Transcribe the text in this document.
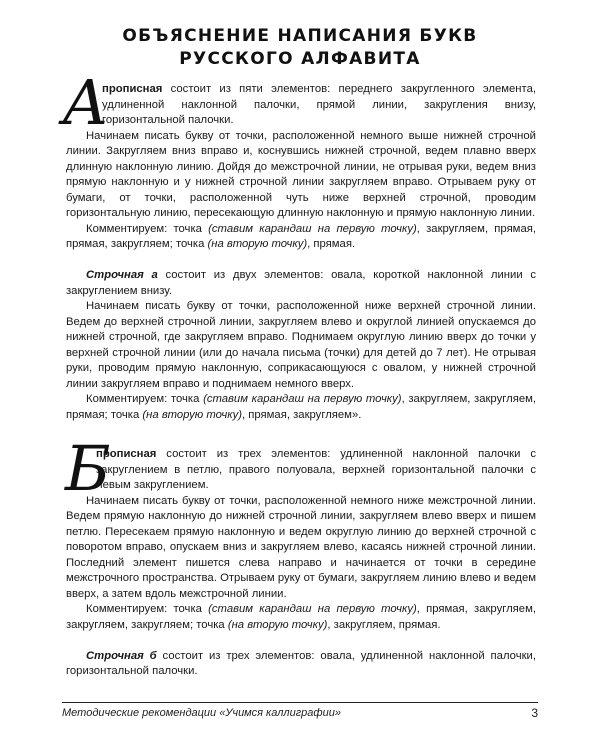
ОБЪЯСНЕНИЕ НАПИСАНИЯ БУКВ
РУССКОГО АЛФАВИТА
А

прописная состоит из пяти элементов: переднего закругленного элемента, удлиненной наклонной палочки, прямой линии, закругления внизу, горизонтальной палочки.

Начинаем писать букву от точки, расположенной немного выше нижней строчной линии. Закругляем вниз вправо и, коснувшись нижней строчной, ведем плавно вверх длинную наклонную линию. Дойдя до межстрочной линии, не отрывая руки, ведем вниз прямую наклонную и у нижней строчной линии закругляем вправо. Отрываем руку от бумаги, от точки, расположенной чуть ниже верхней строчной, проводим горизонтальную линию, пересекающую длинную наклонную и прямую наклонную линии.

Комментируем: точка (ставим карандаш на первую точку), закругляем, прямая, прямая, закругляем; точка (на вторую точку), прямая.

Строчная а состоит из двух элементов: овала, короткой наклонной линии с закруглением внизу.

Начинаем писать букву от точки, расположенной ниже верхней строчной линии. Ведем до верхней строчной линии, закругляем влево и округлой линией опускаемся до нижней строчной, где закругляем вправо. Поднимаем округлую линию вверх до точки у верхней строчной линии (или до начала письма (точки) для детей до 7 лет). Не отрывая руки, проводим прямую наклонную, соприкасающуюся с овалом, у нижней строчной линии закругляем вправо и поднимаем немного вверх.

Комментируем: точка (ставим карандаш на первую точку), закругляем, закругляем, прямая; точка (на вторую точку), прямая, закругляем».

Б

прописная состоит из трех элементов: удлиненной наклонной палочки с закруглением в петлю, правого полуовала, верхней горизонтальной палочки с левым закруглением.

Начинаем писать букву от точки, расположенной немного ниже межстрочной линии. Ведем прямую наклонную до нижней строчной линии, закругляем влево вверх и пишем петлю. Пересекаем прямую наклонную и ведем округлую линию до верхней строчной с поворотом вправо, опускаем вниз и закругляем влево, касаясь нижней строчной линии. Последний элемент пишется слева направо и начинается от точки в середине межстрочного пространства. Отрываем руку от бумаги, закругляем линию влево и ведем вверх, а затем вдоль межстрочной линии.

Комментируем: точка (ставим карандаш на первую точку), прямая, закругляем, закругляем, закругляем; точка (на вторую точку), закругляем, прямая.

Строчная б состоит из трех элементов: овала, удлиненной наклонной палочки, горизонтальной палочки.

Методические рекомендации «Учимся каллиграфии»	3
